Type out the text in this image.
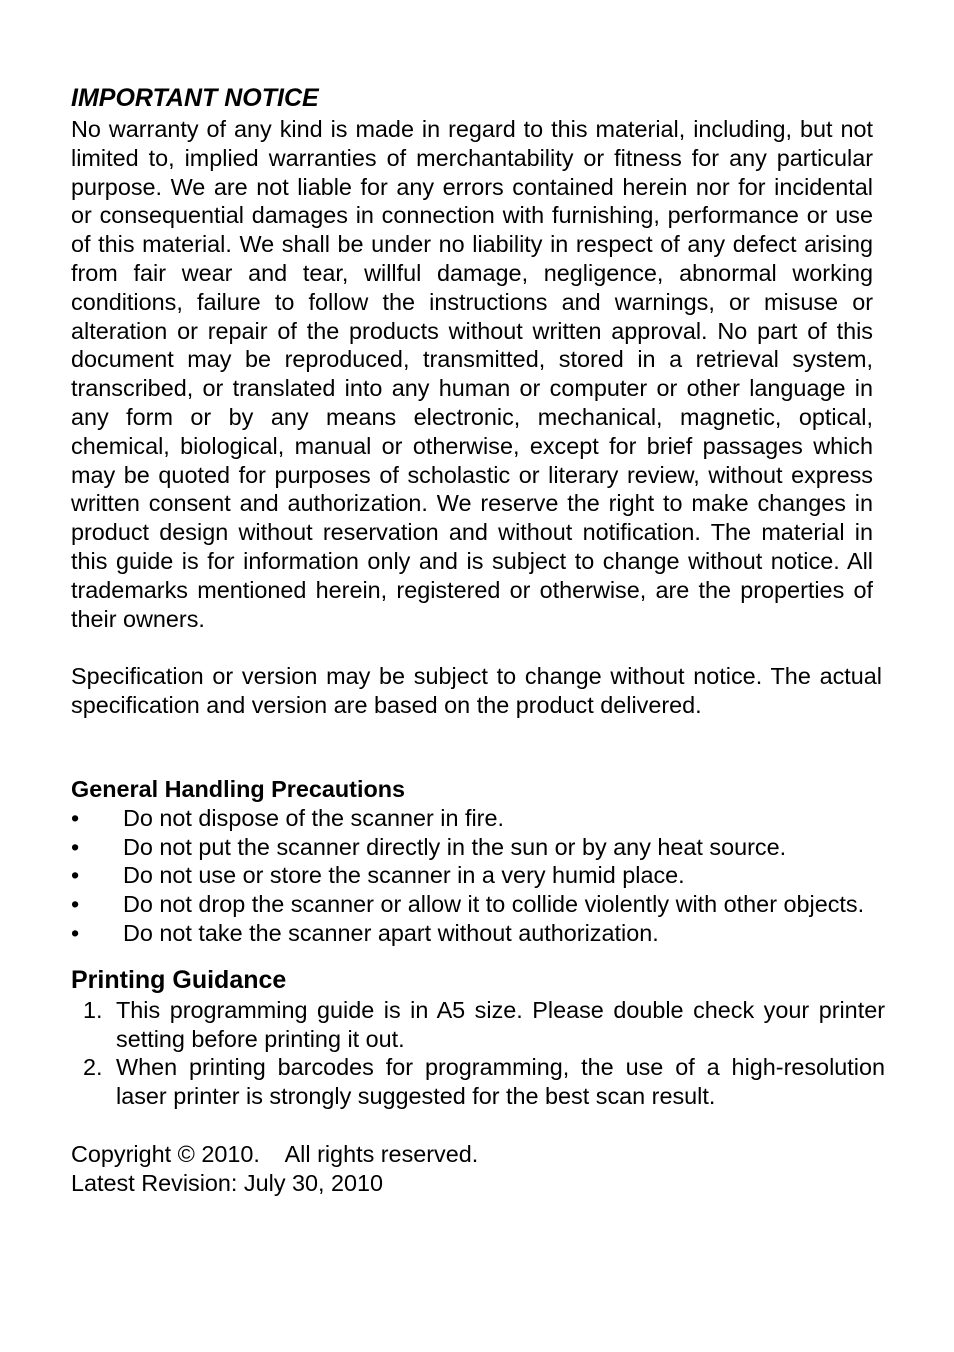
IMPORTANT NOTICE

No warranty of any kind is made in regard to this material, including, but not limited to, implied warranties of merchantability or fitness for any particular purpose. We are not liable for any errors contained herein nor for incidental or consequential damages in connection with furnishing, performance or use of this material. We shall be under no liability in respect of any defect arising from fair wear and tear, willful damage, negligence, abnormal working conditions, failure to follow the instructions and warnings, or misuse or alteration or repair of the products without written approval. No part of this document may be reproduced, transmitted, stored in a retrieval system, transcribed, or translated into any human or computer or other language in any form or by any means electronic, mechanical, magnetic, optical, chemical, biological, manual or otherwise, except for brief passages which may be quoted for purposes of scholastic or literary review, without express written consent and authorization. We reserve the right to make changes in product design without reservation and without notification. The material in this guide is for information only and is subject to change without notice. All trademarks mentioned herein, registered or otherwise, are the properties of their owners.

Specification or version may be subject to change without notice. The actual specification and version are based on the product delivered.

General Handling Precautions
• Do not dispose of the scanner in fire.
• Do not put the scanner directly in the sun or by any heat source.
• Do not use or store the scanner in a very humid place.
• Do not drop the scanner or allow it to collide violently with other objects.
• Do not take the scanner apart without authorization.
Printing Guidance
1. This programming guide is in A5 size. Please double check your printer setting before printing it out.
2. When printing barcodes for programming, the use of a high-resolution laser printer is strongly suggested for the best scan result.

Copyright © 2010.    All rights reserved.

Latest Revision: July 30, 2010
